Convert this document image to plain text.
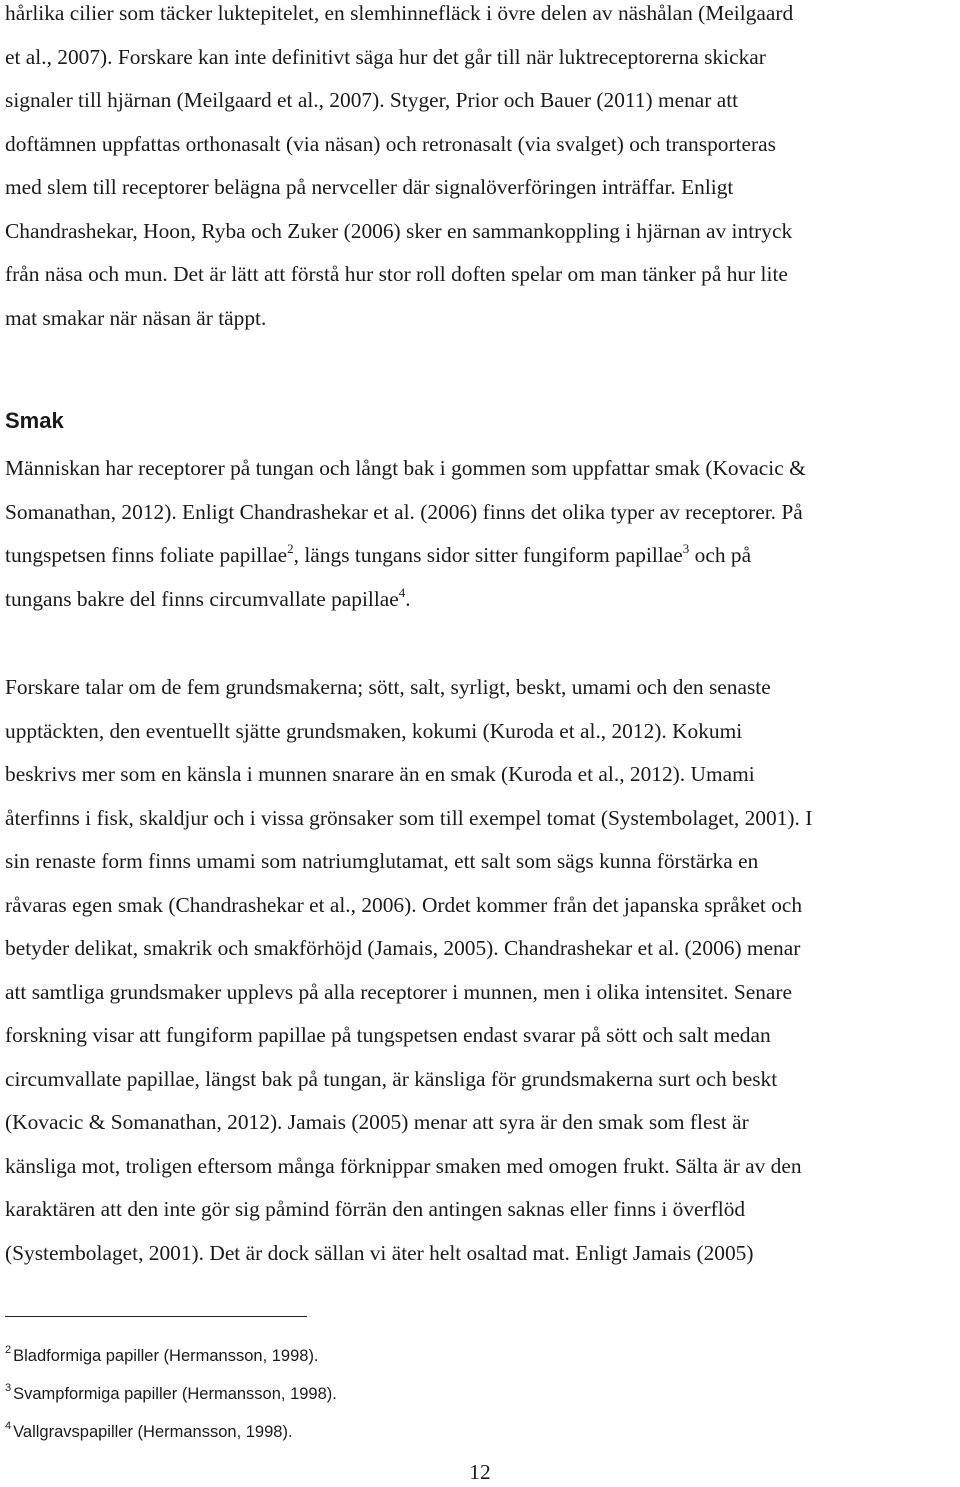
hårlika cilier som täcker luktepitelet, en slemhinnefläck i övre delen av näshålan (Meilgaard
et al., 2007). Forskare kan inte definitivt säga hur det går till när luktreceptorerna skickar
signaler till hjärnan (Meilgaard et al., 2007). Styger, Prior och Bauer (2011) menar att
doftämnen uppfattas orthonasalt (via näsan) och retronasalt (via svalget) och transporteras
med slem till receptorer belägna på nervceller där signalöverföringen inträffar. Enligt
Chandrashekar, Hoon, Ryba och Zuker (2006) sker en sammankoppling i hjärnan av intryck
från näsa och mun. Det är lätt att förstå hur stor roll doften spelar om man tänker på hur lite
mat smakar när näsan är täppt.

Smak

Människan har receptorer på tungan och långt bak i gommen som uppfattar smak (Kovacic &
Somanathan, 2012). Enligt Chandrashekar et al. (2006) finns det olika typer av receptorer. På
tungspetsen finns foliate papillae$^2$, längs tungans sidor sitter fungiform papillae$^3$ och på
tungans bakre del finns circumvallate papillae$^4$.

Forskare talar om de fem grundsmakerna; sött, salt, syrligt, beskt, umami och den senaste
upptäckten, den eventuellt sjätte grundsmaken, kokumi (Kuroda et al., 2012). Kokumi
beskrivs mer som en känsla i munnen snarare än en smak (Kuroda et al., 2012). Umami
återfinns i fisk, skaldjur och i vissa grönsaker som till exempel tomat (Systembolaget, 2001). I
sin renaste form finns umami som natriumglutamat, ett salt som sägs kunna förstärka en
råvaras egen smak (Chandrashekar et al., 2006). Ordet kommer från det japanska språket och
betyder delikat, smakrik och smakförhöjd (Jamais, 2005). Chandrashekar et al. (2006) menar
att samtliga grundsmaker upplevs på alla receptorer i munnen, men i olika intensitet. Senare
forskning visar att fungiform papillae på tungspetsen endast svarar på sött och salt medan
circumvallate papillae, längst bak på tungan, är känsliga för grundsmakerna surt och beskt
(Kovacic & Somanathan, 2012). Jamais (2005) menar att syra är den smak som flest är
känsliga mot, troligen eftersom många förknippar smaken med omogen frukt. Sälta är av den
karaktären att den inte gör sig påmind förrän den antingen saknas eller finns i överflöd
(Systembolaget, 2001). Det är dock sällan vi äter helt osaltad mat. Enligt Jamais (2005)

$^2$ Bladformiga papiller (Hermansson, 1998).
$^3$ Svampformiga papiller (Hermansson, 1998).
$^4$ Vallgravspapiller (Hermansson, 1998).
12
